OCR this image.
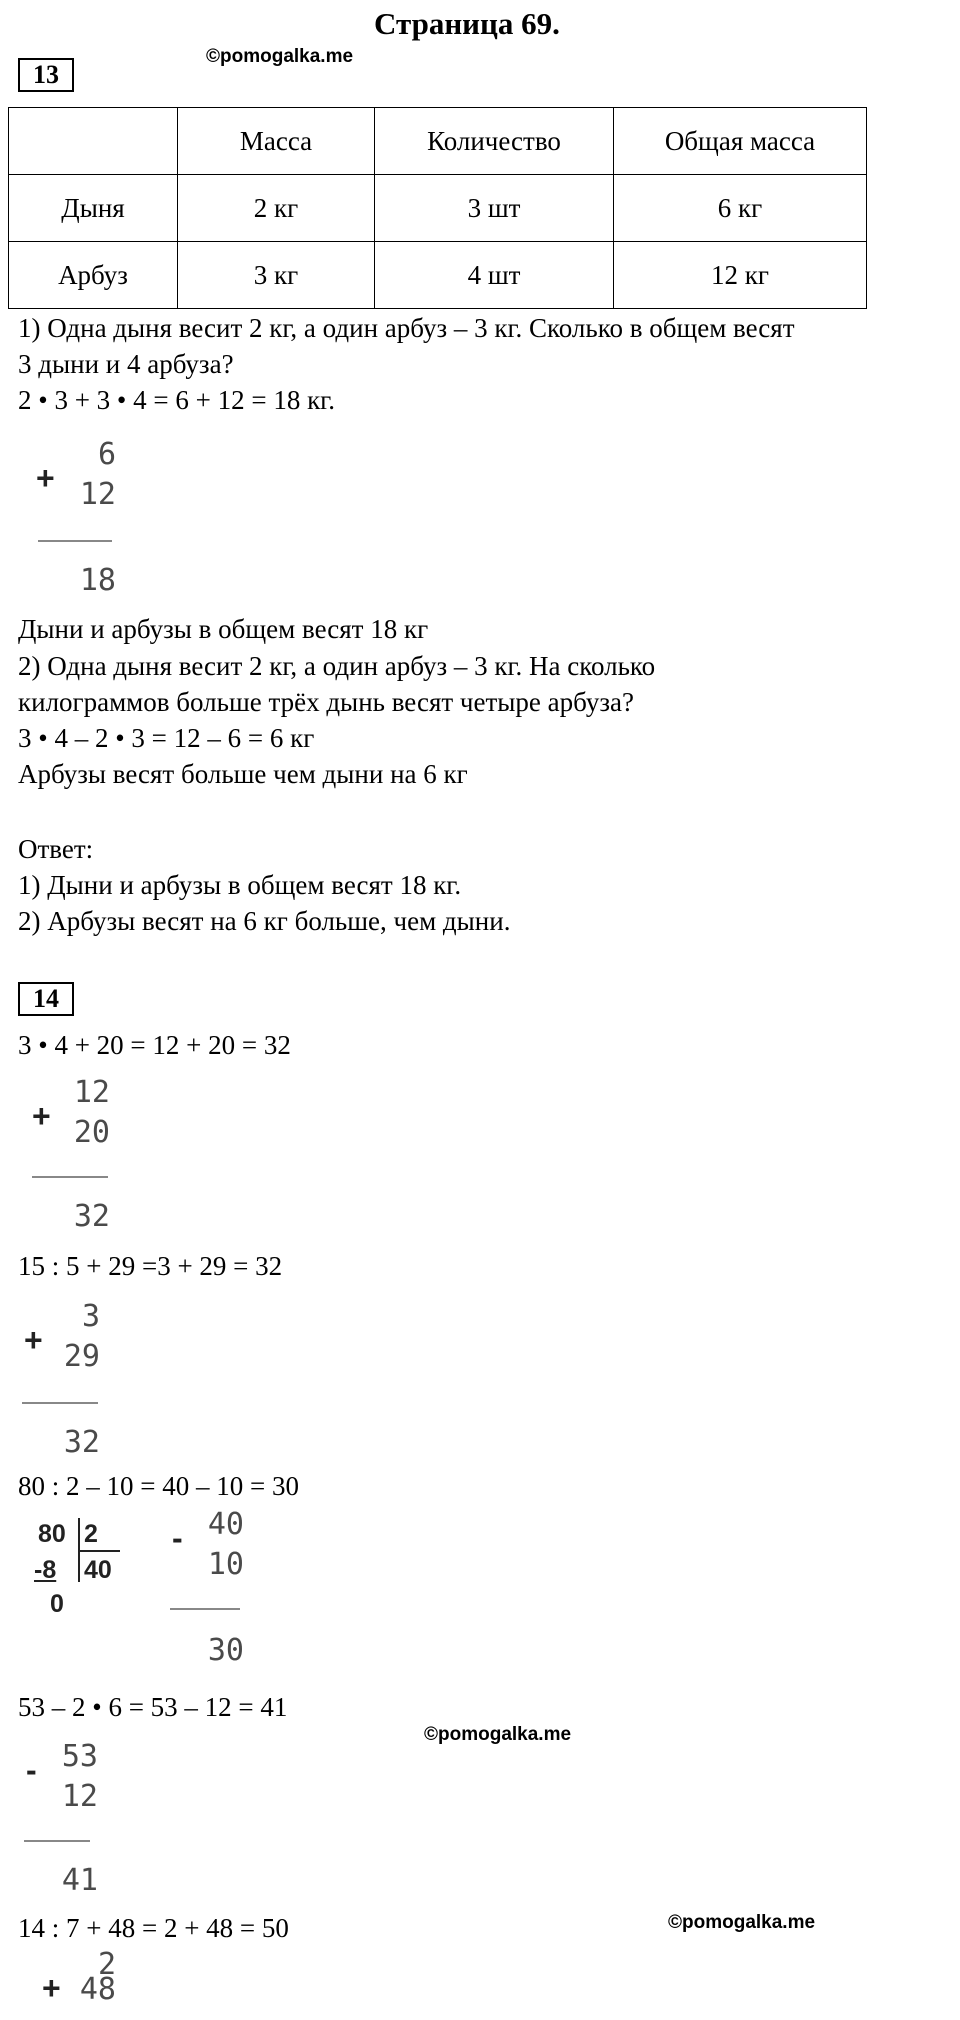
Страница 69.
13
©pomogalka.me
	Масса	Количество	Общая масса
Дыня	2 кг	3 шт	6 кг
Арбуз	3 кг	4 шт	12 кг
1) Одна дыня весит 2 кг, а один арбуз – 3 кг. Сколько в общем весят
3 дыни и 4 арбуза?
2 • 3 + 3 • 4 = 6 + 12 = 18 кг.
+
6
12
18
Дыни и арбузы в общем весят 18 кг
2) Одна дыня весит 2 кг, а один арбуз – 3 кг. На сколько
килограммов больше трёх дынь весят четыре арбуза?
3 • 4 – 2 • 3 = 12 – 6 = 6 кг
Арбузы весят больше чем дыни на 6 кг
Ответ:
1) Дыни и арбузы в общем весят 18 кг.
2) Арбузы весят на 6 кг больше, чем дыни.
14
3 • 4 + 20 = 12 + 20 = 32
+
12
20
32
15 : 5 + 29 =3 + 29 = 32
+
3
29
32
80 : 2 – 10 = 40 – 10 = 30
80 2
40
-8
0
- 40
10
30
53 – 2 • 6 = 53 – 12 = 41
©pomogalka.me
- 53
12
41
14 : 7 + 48 = 2 + 48 = 50	©pomogalka.me
+
2
48
